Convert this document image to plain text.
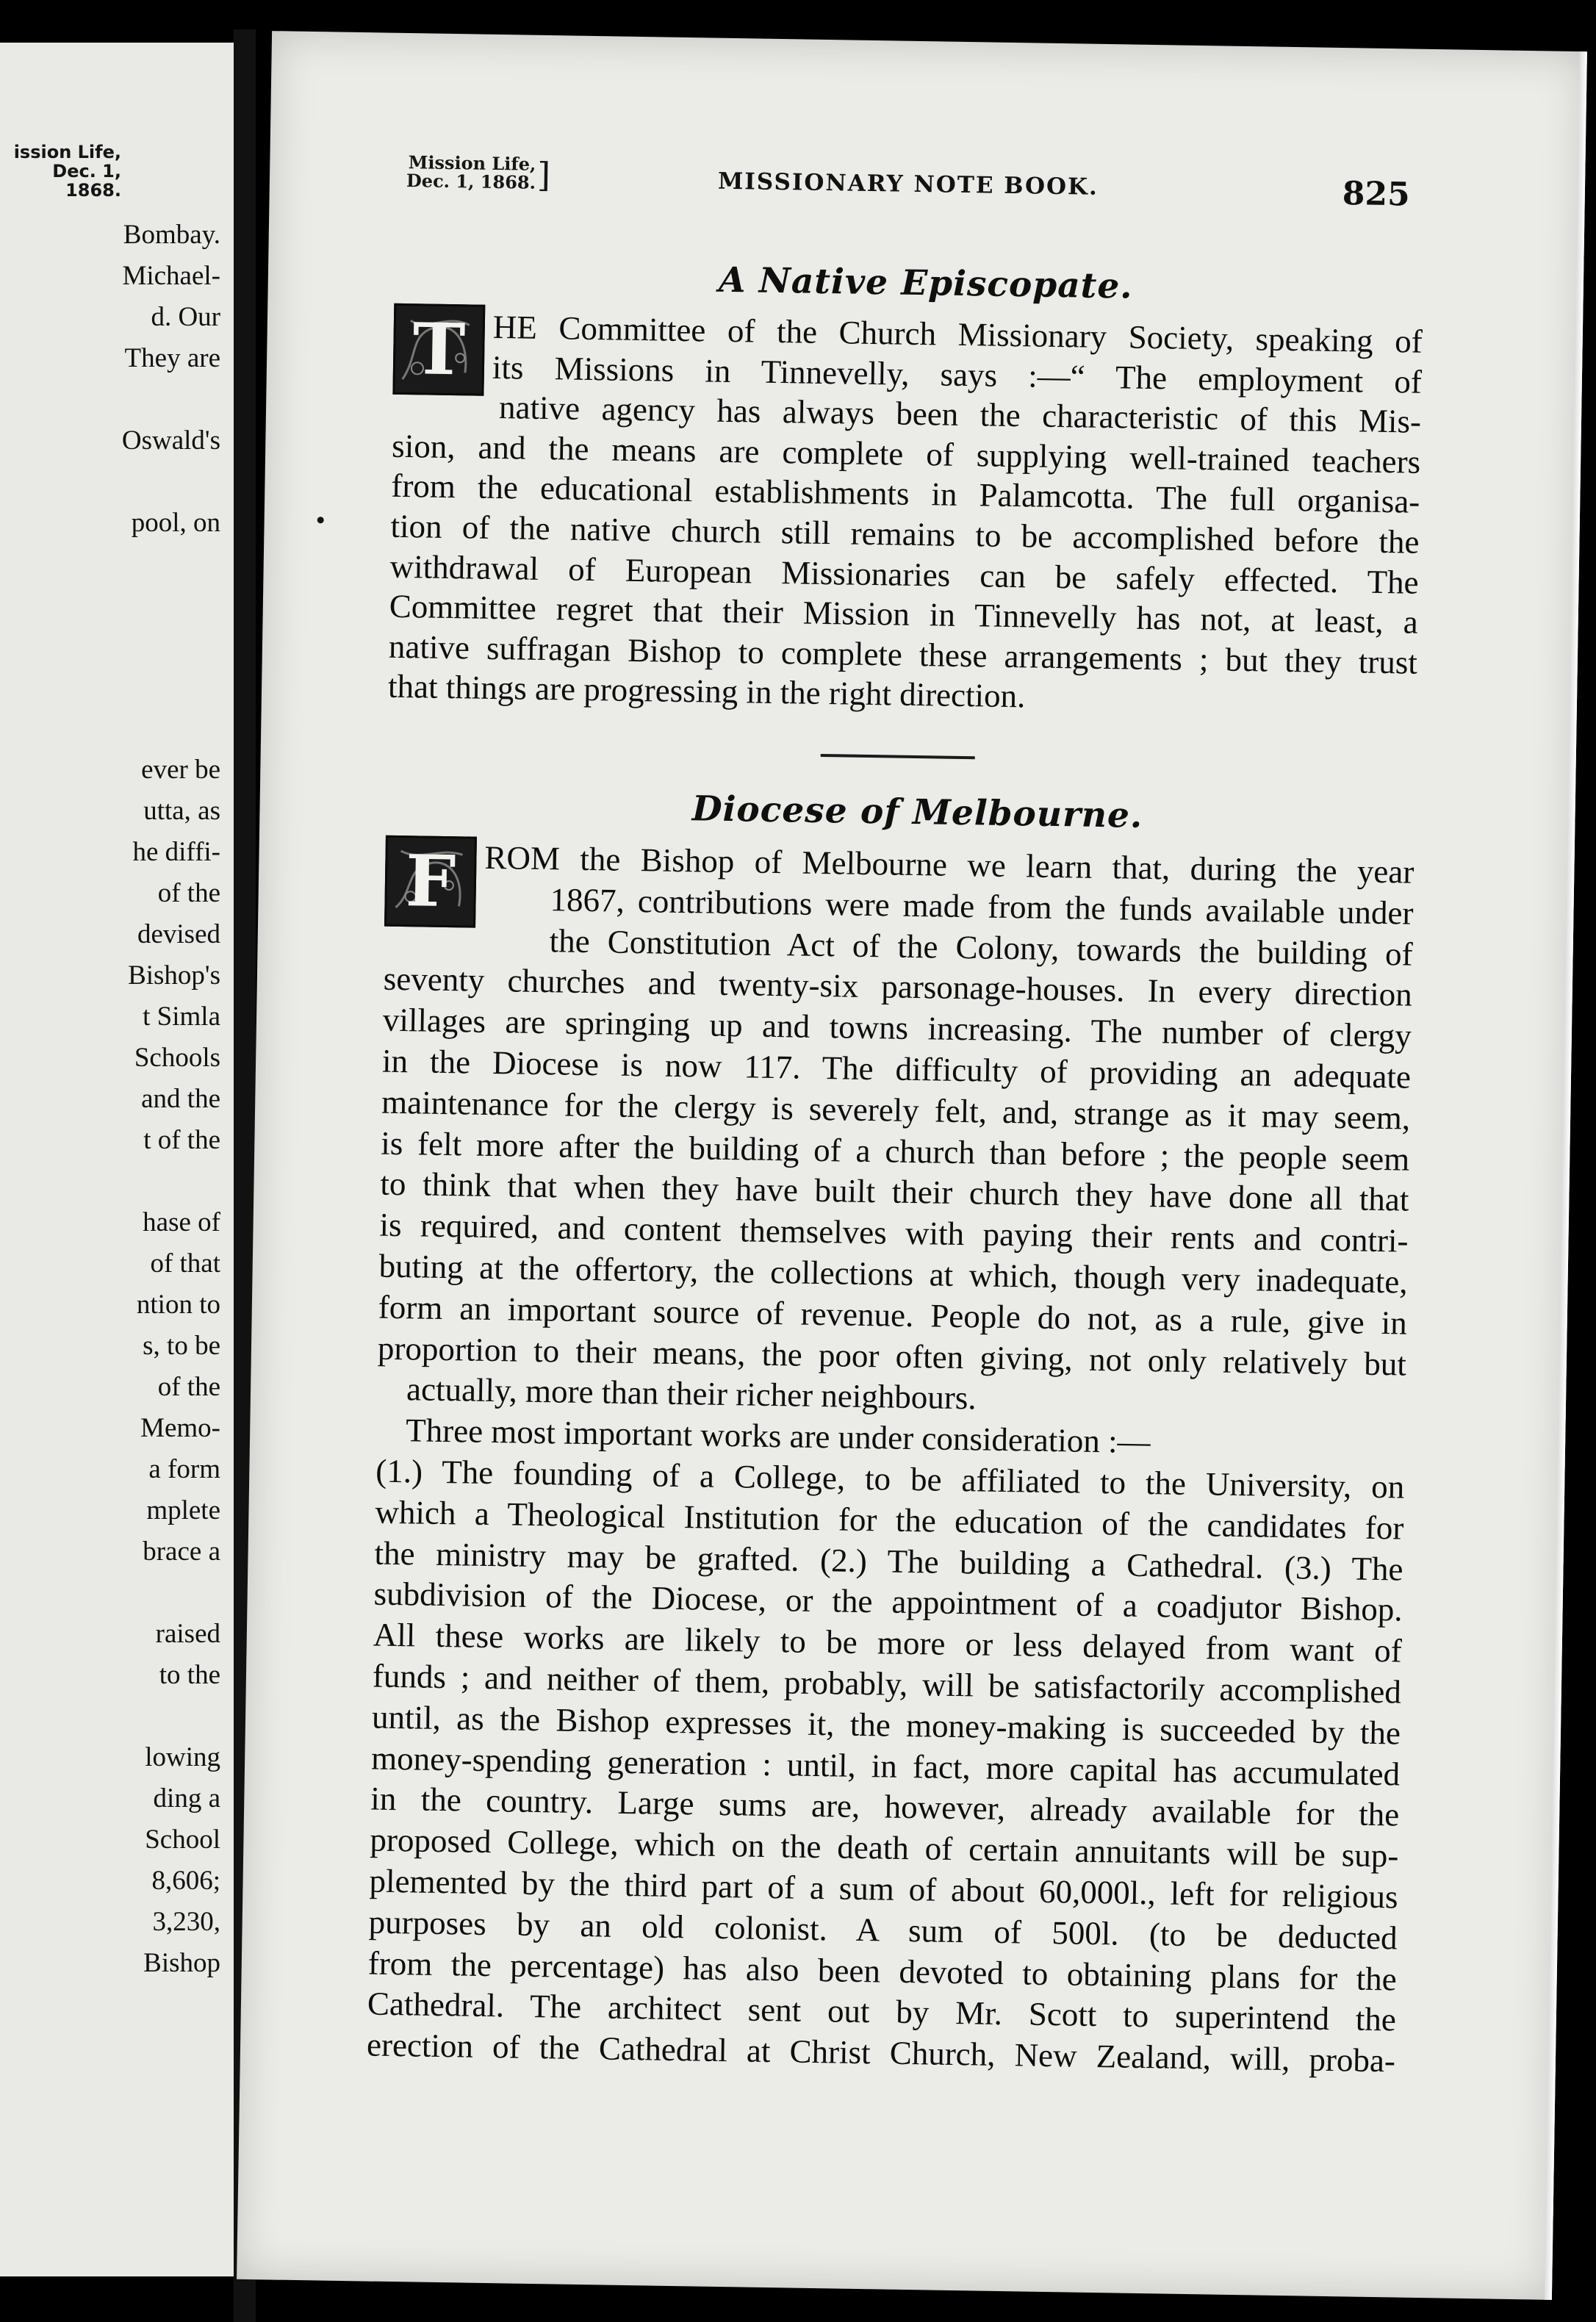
ission Life,
Dec. 1, 1868.
Bombay.
Michael-
d. Our
They are
Oswald's
pool, on
ever be
utta, as
he diffi-
of the
devised
Bishop's
t Simla
Schools
and the
t of the
hase of
of that
ntion to
s, to be
of the
Memo-
a form
mplete
brace a
raised
to the
lowing
ding a
School
8,606;
3,230,
Bishop
Mission Life,
Dec. 1, 1868. ]	MISSIONARY NOTE BOOK.	825
A Native Episcopate.
T HE Committee of the Church Missionary Society, speaking of
its Missions in Tinnevelly, says :—“ The employment of
native agency has always been the characteristic of this Mis-
sion, and the means are complete of supplying well-trained teachers
from the educational establishments in Palamcotta. The full organisa-
tion of the native church still remains to be accomplished before the
withdrawal of European Missionaries can be safely effected. The
Committee regret that their Mission in Tinnevelly has not, at least, a
native suffragan Bishop to complete these arrangements ; but they trust
that things are progressing in the right direction.
Diocese of Melbourne.
F ROM the Bishop of Melbourne we learn that, during the year
1867, contributions were made from the funds available under
the Constitution Act of the Colony, towards the building of
seventy churches and twenty-six parsonage-houses. In every direction
villages are springing up and towns increasing. The number of clergy
in the Diocese is now 117. The difficulty of providing an adequate
maintenance for the clergy is severely felt, and, strange as it may seem,
is felt more after the building of a church than before ; the people seem
to think that when they have built their church they have done all that
is required, and content themselves with paying their rents and contri-
buting at the offertory, the collections at which, though very inadequate,
form an important source of revenue. People do not, as a rule, give in
proportion to their means, the poor often giving, not only relatively but
actually, more than their richer neighbours.
Three most important works are under consideration :—
(1.) The founding of a College, to be affiliated to the University, on
which a Theological Institution for the education of the candidates for
the ministry may be grafted. (2.) The building a Cathedral. (3.) The
subdivision of the Diocese, or the appointment of a coadjutor Bishop.
All these works are likely to be more or less delayed from want of
funds ; and neither of them, probably, will be satisfactorily accomplished
until, as the Bishop expresses it, the money-making is succeeded by the
money-spending generation : until, in fact, more capital has accumulated
in the country. Large sums are, however, already available for the
proposed College, which on the death of certain annuitants will be sup-
plemented by the third part of a sum of about 60,000l., left for religious
purposes by an old colonist. A sum of 500l. (to be deducted
from the percentage) has also been devoted to obtaining plans for the
Cathedral. The architect sent out by Mr. Scott to superintend the
erection of the Cathedral at Christ Church, New Zealand, will, proba-
